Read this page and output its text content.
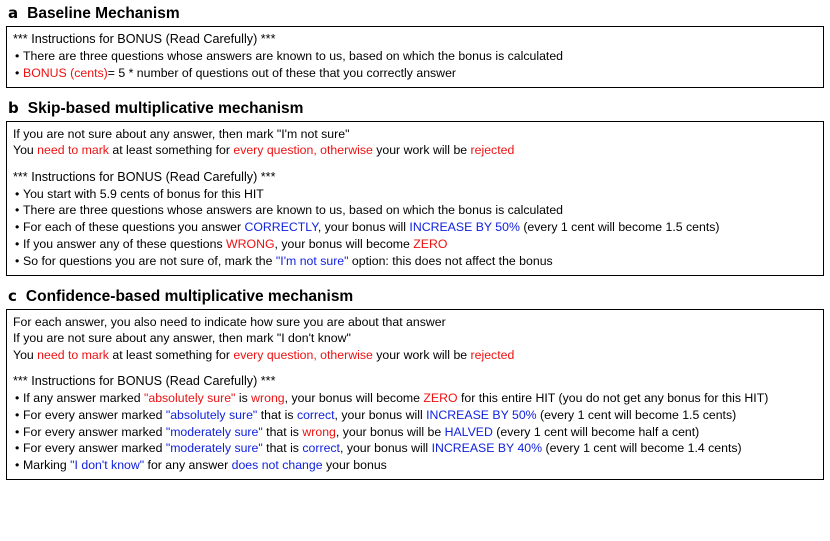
a Baseline Mechanism
*** Instructions for BONUS (Read Carefully) ***
• There are three questions whose answers are known to us, based on which the bonus is calculated
• BONUS (cents)= 5 * number of questions out of these that you correctly answer
b Skip-based multiplicative mechanism
If you are not sure about any answer, then mark "I'm not sure"
You need to mark at least something for every question, otherwise your work will be rejected
*** Instructions for BONUS (Read Carefully) ***
• You start with 5.9 cents of bonus for this HIT
• There are three questions whose answers are known to us, based on which the bonus is calculated
• For each of these questions you answer CORRECTLY, your bonus will INCREASE BY 50% (every 1 cent will become 1.5 cents)
• If you answer any of these questions WRONG, your bonus will become ZERO
• So for questions you are not sure of, mark the "I'm not sure" option: this does not affect the bonus
c Confidence-based multiplicative mechanism
For each answer, you also need to indicate how sure you are about that answer
If you are not sure about any answer, then mark "I don't know"
You need to mark at least something for every question, otherwise your work will be rejected
*** Instructions for BONUS (Read Carefully) ***
• If any answer marked "absolutely sure" is wrong, your bonus will become ZERO for this entire HIT (you do not get any bonus for this HIT)
• For every answer marked "absolutely sure" that is correct, your bonus will INCREASE BY 50% (every 1 cent will become 1.5 cents)
• For every answer marked "moderately sure" that is wrong, your bonus will be HALVED (every 1 cent will become half a cent)
• For every answer marked "moderately sure" that is correct, your bonus will INCREASE BY 40% (every 1 cent will become 1.4 cents)
• Marking "I don't know" for any answer does not change your bonus
